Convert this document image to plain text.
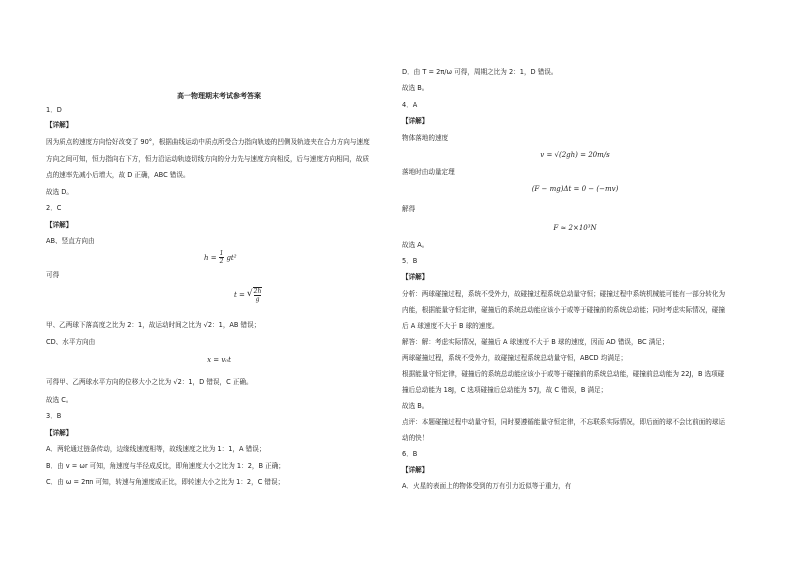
高一物理期末考试参考答案
1．D
【详解】
因为质点的速度方向恰好改变了 90°，根据曲线运动中质点所受合力指向轨迹的凹侧及轨迹夹在合力方向与速度
方向之间可知，恒力指向右下方，恒力沿运动轨迹切线方向的分力先与速度方向相反，后与速度方向相同，故质
点的速率先减小后增大，故 D 正确，ABC 错误。
故选 D。
2．C
【详解】
AB、竖直方向由
$h = \frac{1}{2} gt^2$
可得
t = √ $\frac{2h}{g}$
甲、乙两球下落高度之比为 2：1，故运动时间之比为 √2：1，AB 错误；
CD、水平方向由
x = v₀t
可得甲、乙两球水平方向的位移大小之比为 √2：1，D 错误，C 正确。
故选 C。
3．B
【详解】
A．两轮通过链条传动，边缘线速度相等，故线速度之比为 1：1，A 错误；
B．由 v = ωr 可知，角速度与半径成反比，即角速度大小之比为 1：2，B 正确；
C．由 ω = 2πn 可知，转速与角速度成正比，即转速大小之比为 1：2，C 错误；
D．由 T = 2π/ω 可得，周期之比为 2：1，D 错误。
故选 B。
4．A
【详解】
物体落地的速度
v = √(2gh) = 20m/s
落地时由动量定理
(F − mg)Δt = 0 − (−mv)
解得
F ≈ 2×10³N
故选 A。
5．B
【详解】
分析：两球碰撞过程，系统不受外力，故碰撞过程系统总动量守恒；碰撞过程中系统机械能可能有一部分转化为
内能，根据能量守恒定律，碰撞后的系统总动能应该小于或等于碰撞前的系统总动能；同时考虑实际情况，碰撞
后 A 球速度不大于 B 球的速度。
解答：解：考虑实际情况，碰撞后 A 球速度不大于 B 球的速度，因而 AD 错误，BC 满足；
两球碰撞过程，系统不受外力，故碰撞过程系统总动量守恒，ABCD 均满足；
根据能量守恒定律，碰撞后的系统总动能应该小于或等于碰撞前的系统总动能，碰撞前总动能为 22J，B 选项碰
撞后总动能为 18J，C 选项碰撞后总动能为 57J，故 C 错误，B 满足；
故选 B。
点评：本题碰撞过程中动量守恒，同时要遵循能量守恒定律，不忘联系实际情况，即后面的球不会比前面的球运
动的快！
6．B
【详解】
A．火星的表面上的物体受到的万有引力近似等于重力，有
